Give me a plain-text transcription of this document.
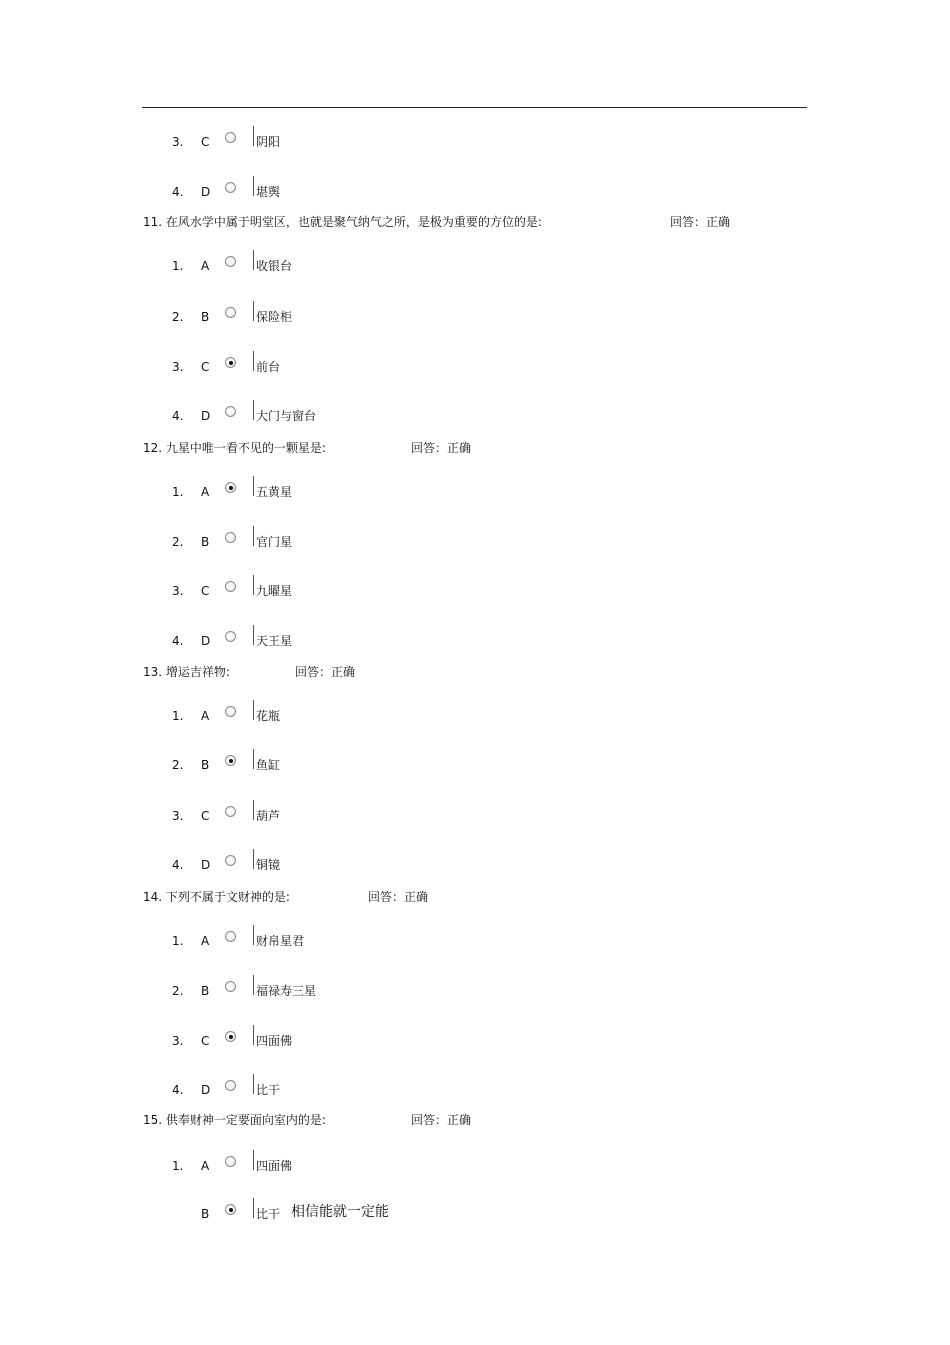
3. C	阴阳
4. D	堪舆
11. 在风水学中属于明堂区，也就是聚气纳气之所，是极为重要的方位的是:	回答：正确
1. A	收银台
2. B	保险柜
3. C	前台
4. D	大门与窗台
12. 九星中唯一看不见的一颗星是:	回答：正确
1. A	五黄星
2. B	官门星
3. C	九曜星
4. D	天王星
13. 增运吉祥物:	回答：正确
1. A	花瓶
2. B	鱼缸
3. C	葫芦
4. D	铜镜
14. 下列不属于文财神的是:	回答：正确
1. A	财帛星君
2. B	福禄寿三星
3. C	四面佛
4. D	比干
15. 供奉财神一定要面向室内的是:	回答：正确
1. A	四面佛
B	比干 相信能就一定能
